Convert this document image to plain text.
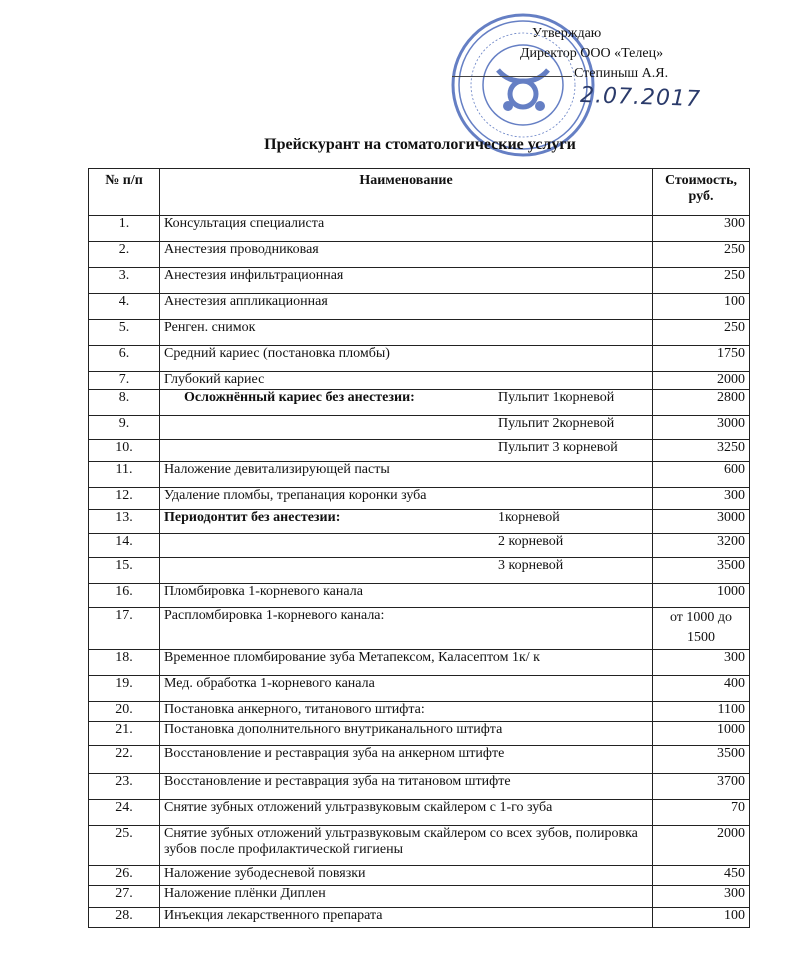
Утверждаю
Директор ООО «Телец»
Степиныш А.Я.
2.07.2017
Прейскурант на стоматологические услуги
№ п/п	Наименование	Стоимость, руб.
1.	Консультация специалиста	300
2.	Анестезия проводниковая	250
3.	Анестезия инфильтрационная	250
4.	Анестезия аппликационная	100
5.	Ренген. снимок	250
6.	Средний кариес (постановка пломбы)	1750
7.	Глубокий кариес	2000
8.	Осложнённый кариес без анестезии: Пульпит 1корневой	2800
9.	Пульпит 2корневой	3000
10.	Пульпит 3 корневой	3250
11.	Наложение девитализирующей пасты	600
12.	Удаление пломбы, трепанация коронки зуба	300
13.	Периодонтит без анестезии: 1корневой	3000
14.	2 корневой	3200
15.	3 корневой	3500
16.	Пломбировка 1-корневого канала	1000
17.	Распломбировка 1-корневого канала:	от 1000 до 1500
18.	Временное пломбирование зуба Метапексом, Каласептом 1к/ к	300
19.	Мед. обработка 1-корневого канала	400
20.	Постановка анкерного, титанового штифта:	1100
21.	Постановка дополнительного внутриканального штифта	1000
22.	Восстановление и реставрация зуба на анкерном штифте	3500
23.	Восстановление и реставрация зуба на титановом штифте	3700
24.	Снятие зубных отложений ультразвуковым скайлером с 1-го зуба	70
25.	Снятие зубных отложений ультразвуковым скайлером со всех зубов, полировка зубов после профилактической гигиены	2000
26.	Наложение зубодесневой повязки	450
27.	Наложение плёнки Диплен	300
28.	Инъекция лекарственного препарата	100
